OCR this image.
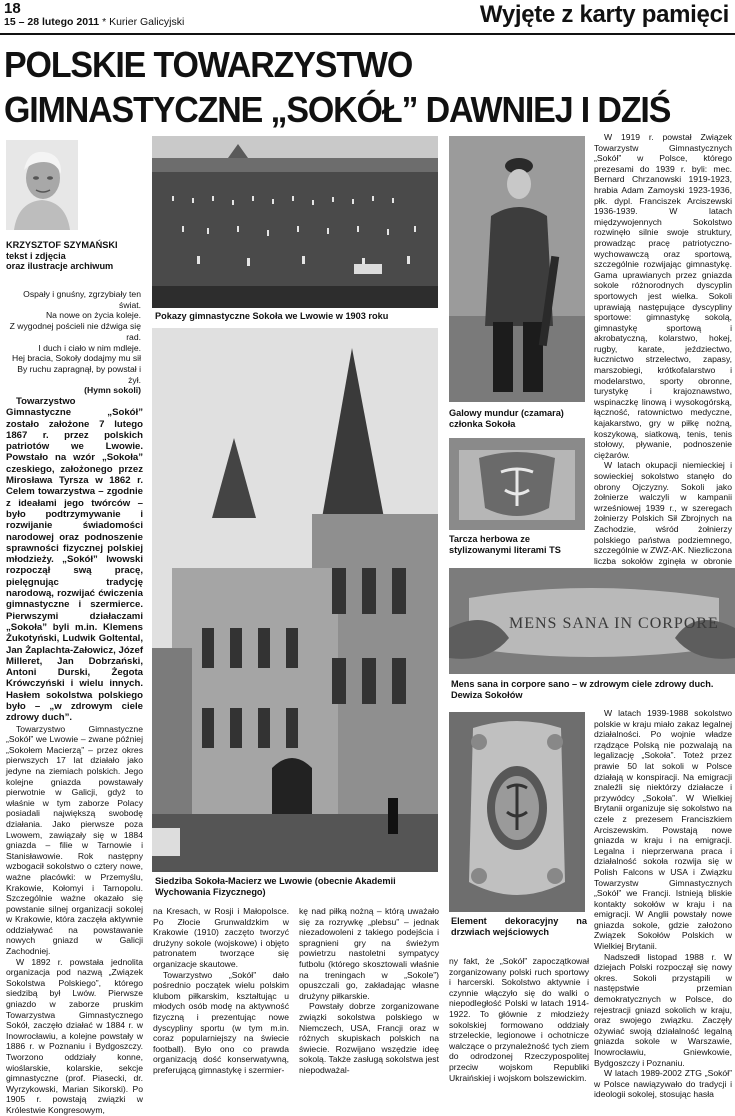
18
15 – 28 lutego 2011 * Kurier Galicyjski	Wyjęte z karty pamięci
POLSKIE TOWARZYSTWO
GIMNASTYCZNE „SOKÓŁ” DAWNIEJ I DZIŚ
KRZYSZTOF SZYMAŃSKI
tekst i zdjęcia
oraz ilustracje archiwum
Ospały i gnuśny, zgrzybiały ten
świat.
Na nowe on życia koleje.
Z wygodnej pościeli nie dźwiga się rad.
I duch i ciało w nim mdleje.
Hej bracia, Sokoły dodajmy mu sił
By ruchu zapragnął, by powstał i żył.
(Hymn sokoli)

Towarzystwo Gimnastyczne „Sokół” zostało założone 7 lutego 1867 r. przez polskich patriotów we Lwowie. Powstało na wzór „Sokoła” czeskiego, założonego przez Mirosława Tyrsza w 1862 r. Celem towarzystwa – zgodnie z ideałami jego twórców – było podtrzymywanie i rozwijanie świadomości narodowej oraz podnoszenie sprawności fizycznej polskiej młodzieży. „Sokół” lwowski rozpoczął swą pracę, pielęgnując tradycję narodową, rozwijać ćwiczenia gimnastyczne i szermierce. Pierwszymi działaczami „Sokoła” byli m.in. Klemens Żukotyński, Ludwik Goltental, Jan Żaplachta-Załowicz, Józef Milleret, Jan Dobrzański, Antoni Durski, Żegota Krówczyński i wielu innych. Hasłem sokolstwa polskiego było – „w zdrowym ciele zdrowy duch”.

Towarzystwo Gimnastyczne „Sokół” we Lwowie – zwane później „Sokołem Macierzą” – przez okres pierwszych 17 lat działało jako jedyne na ziemiach polskich. Jego kolejne gniazda powstawały pierwotnie w Galicji, gdyż to właśnie w tym zaborze Polacy posiadali największą swobodę działania. Jako pierwsze poza Lwowem, zawiązały się w 1884 gniazda – filie w Tarnowie i Stanisławowie. Rok następny wzbogacił sokolstwo o cztery nowe, ważne placówki: w Przemyślu, Krakowie, Kołomyi i Tarnopolu. Szczególnie ważne okazało się powstanie silnej organizacji sokolej w Krakowie, która zaczęła aktywnie oddziaływać na powstawanie nowych gniazd w Galicji Zachodniej.

W 1892 r. powstała jednolita organizacja pod nazwą „Związek Sokolstwa Polskiego”, którego siedzibą był Lwów. Pierwsze gniazdo w zaborze pruskim Towarzystwa Gimnastycznego Sokół, zaczęło działać w 1884 r. w Inowrocławiu, a kolejne powstały w 1886 r. w Poznaniu i Bydgoszczy. Tworzono oddziały konne, wioślarskie, kolarskie, sekcje gimnastyczne (prof. Piasecki, dr. Wyrzykowski, Marian Sikorski). Po 1905 r. powstają związki w Królestwie Kongresowym,

Pokazy gimnastyczne Sokoła we Lwowie w 1903 roku
Siedziba Sokoła-Macierz we Lwowie (obecnie Akademii Wychowania Fizycznego)

na Kresach, w Rosji i Małopolsce. Po Złocie Grunwaldzkim w Krakowie (1910) zaczęto tworzyć drużyny sokole (wojskowe) i objęto patronatem tworzące się organizacje skautowe.

Towarzystwo „Sokół” dało pośrednio początek wielu polskim klubom piłkarskim, kształtując u młodych osób modę na aktywność fizyczną i prezentując nowe dyscypliny sportu (w tym m.in. coraz popularniejszy na świecie football). Było ono co prawda organizacją dość konserwatywną, preferującą gimnastykę i szermier-

kę nad piłką nożną – którą uważało się za rozrywkę „plebsu” – jednak niezadowoleni z takiego podejścia i spragnieni gry na świeżym powietrzu nastoletni sympatycy futbolu (którego skosztowali właśnie na treningach w „Sokole”) opuszczali go, zakładając własne drużyny piłkarskie.

Powstały dobrze zorganizowane związki sokolstwa polskiego w Niemczech, USA, Francji oraz w różnych skupiskach polskich na świecie. Rozwijano wszędzie ideę sokolą. Także zasługą sokolstwa jest niepodważal-

Galowy mundur (czamara) członka Sokoła
Tarcza herbowa ze stylizowanymi literami TS

W 1919 r. powstał Związek Towarzystw Gimnastycznych „Sokół” w Polsce, którego prezesami do 1939 r. byli: mec. Bernard Chrzanowski 1919-1923, hrabia Adam Zamoyski 1923-1936, płk. dypl. Franciszek Arciszewski 1936-1939. W latach międzywojennych Sokolstwo rozwinęło silnie swoje struktury, prowadząc pracę patriotyczno-wychowawczą oraz sportową, szczególnie rozwijając gimnastykę. Gama uprawianych przez gniazda sokole różnorodnych dyscyplin sportowych jest wielka. Sokoli uprawiają następujące dyscypliny sportowe: gimnastykę sokolą, gimnastykę sportową i akrobatyczną, kolarstwo, hokej, rugby, karate, jeździectwo, łucznictwo strzelectwo, zapasy, marszobiegi, krótkofalarstwo i modelarstwo, sporty obronne, turystykę i krajoznawstwo, wspinaczkę linową i wysokogórską, łączność, ratownictwo medyczne, kajakarstwo, gry w piłkę nożną, koszykową, siatkową, tenis, tenis stołowy, pływanie, podnoszenie ciężarów.

W latach okupacji niemieckiej i sowieckiej sokolstwo stanęło do obrony Ojczyzny. Sokoli jako żołnierze walczyli w kampanii wrześniowej 1939 r., w szeregach żołnierzy Polskich Sił Zbrojnych na Zachodzie, wśród żołnierzy polskiego państwa podziemnego, szczególnie w ZWZ-AK. Niezliczona liczba sokołów zginęła w obronie

MENS SANA IN CORPORE
Mens sana in corpore sano – w zdrowym ciele zdrowy duch. Dewiza Sokołów
Element dekoracyjny na drzwiach wejściowych

ny fakt, że „Sokół” zapoczątkował zorganizowany polski ruch sportowy i harcerski. Sokolstwo aktywnie i czynnie włączyło się do walki o niepodległość Polski w latach 1914-1922. To głównie z młodzieży sokolskiej formowano oddziały strzeleckie, legionowe i ochotnicze walczące o przynależność tych ziem do odrodzonej Rzeczypospolitej przeciw wojskom Republiki Ukraińskiej i wojskom bolszewickim.

W latach 1939-1988 sokolstwo polskie w kraju miało zakaz legalnej działalności. Po wojnie władze rządzące Polską nie pozwalają na legalizację „Sokoła”. Toteż przez prawie 50 lat sokoli w Polsce działają w konspiracji. Na emigracji znaleźli się niektórzy działacze i przywódcy „Sokoła”. W Wielkiej Brytanii organizuje się sokolstwo na czele z prezesem Franciszkiem Arciszewskim. Powstają nowe gniazda w kraju i na emigracji. Legalna i nieprzerwana praca i działalność sokoła rozwija się w Polish Falcons w USA i Związku Towarzystw Gimnastycznych „Sokół” we Francji. Istnieją bliskie kontakty sokołów w kraju i na emigracji. W Anglii powstały nowe gniazda sokole, gdzie założono Związek Sokołów Polskich w Wielkiej Brytanii.

Nadszedł listopad 1988 r. W dziejach Polski rozpoczął się nowy okres. Sokoli przystąpili w następstwie przemian demokratycznych w Polsce, do rejestracji gniazd sokolich w kraju, oraz swojego związku. Zaczęły ożywiać swoją działalność legalną gniazda sokole w Warszawie, Inowrocławiu, Gniewkowie, Bydgoszczy i Poznaniu.

W latach 1989-2002 ZTG „Sokół” w Polsce nawiązywało do tradycji i ideologii sokolej, stosując hasła
